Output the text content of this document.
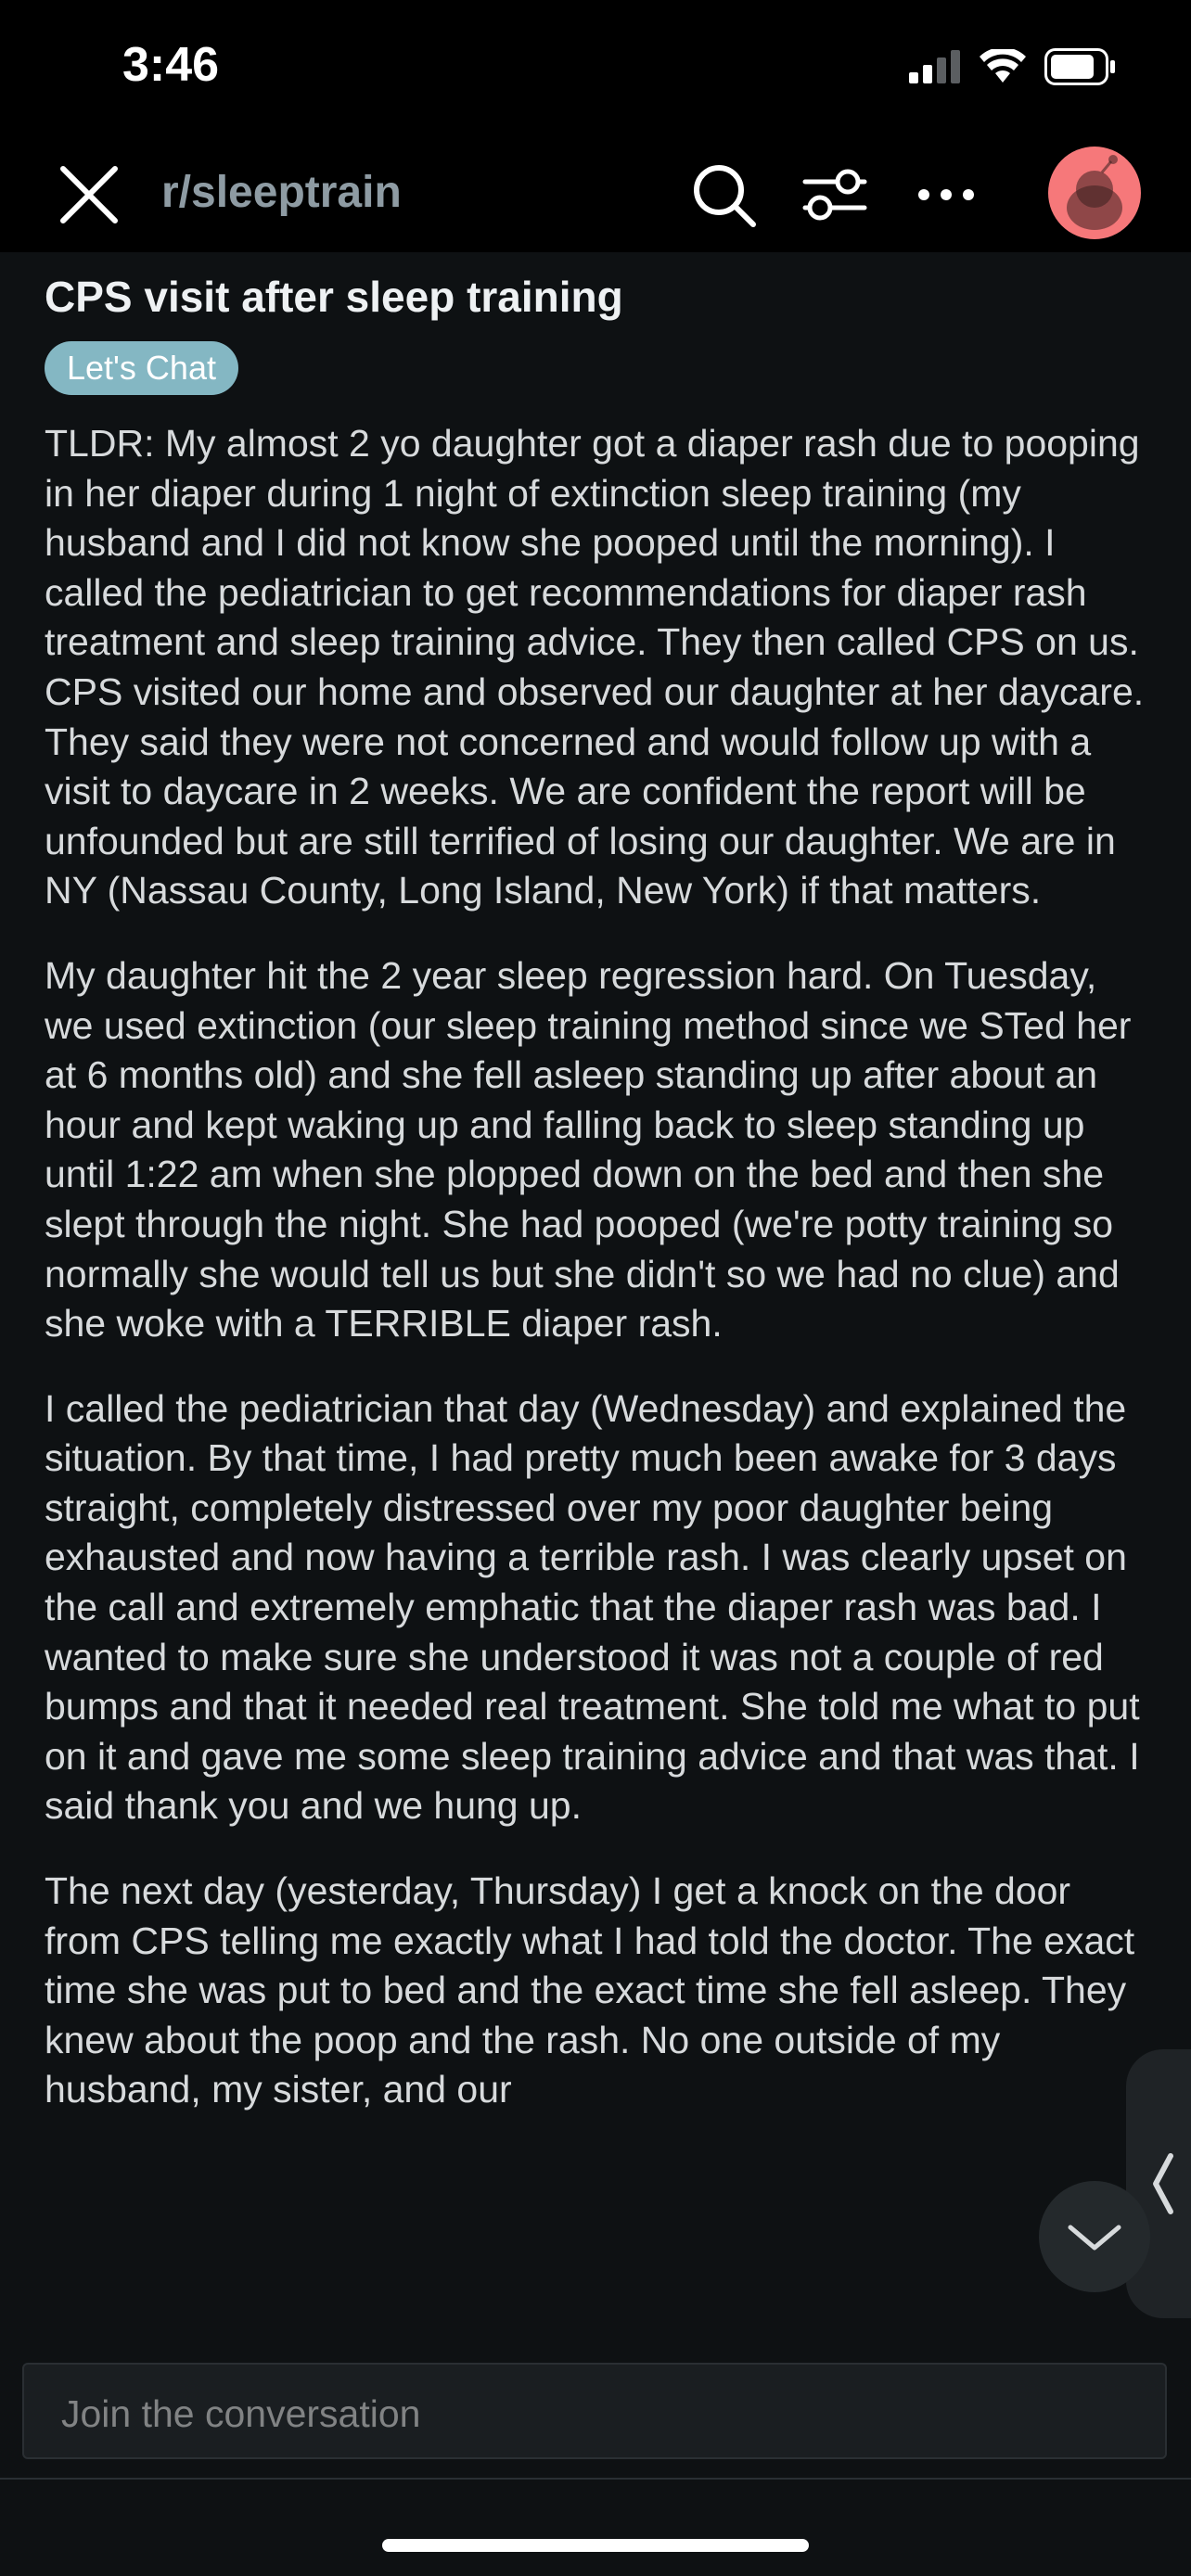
3:46
r/sleeptrain
CPS visit after sleep training
Let's Chat

TLDR: My almost 2 yo daughter got a diaper rash due to pooping in her diaper during 1 night of extinction sleep training (my husband and I did not know she pooped until the morning). I called the pediatrician to get recommendations for diaper rash treatment and sleep training advice. They then called CPS on us. CPS visited our home and observed our daughter at her daycare. They said they were not concerned and would follow up with a visit to daycare in 2 weeks. We are confident the report will be unfounded but are still terrified of losing our daughter. We are in NY (Nassau County, Long Island, New York) if that matters.

My daughter hit the 2 year sleep regression hard. On Tuesday, we used extinction (our sleep training method since we STed her at 6 months old) and she fell asleep standing up after about an hour and kept waking up and falling back to sleep standing up until 1:22 am when she plopped down on the bed and then she slept through the night. She had pooped (we're potty training so normally she would tell us but she didn't so we had no clue) and she woke with a TERRIBLE diaper rash.

I called the pediatrician that day (Wednesday) and explained the situation. By that time, I had pretty much been awake for 3 days straight, completely distressed over my poor daughter being exhausted and now having a terrible rash. I was clearly upset on the call and extremely emphatic that the diaper rash was bad. I wanted to make sure she understood it was not a couple of red bumps and that it needed real treatment. She told me what to put on it and gave me some sleep training advice and that was that. I said thank you and we hung up.

The next day (yesterday, Thursday) I get a knock on the door from CPS telling me exactly what I had told the doctor. The exact time she was put to bed and the exact time she fell asleep. They knew about the poop and the rash. No one outside of my husband, my sister, and our

Join the conversation
